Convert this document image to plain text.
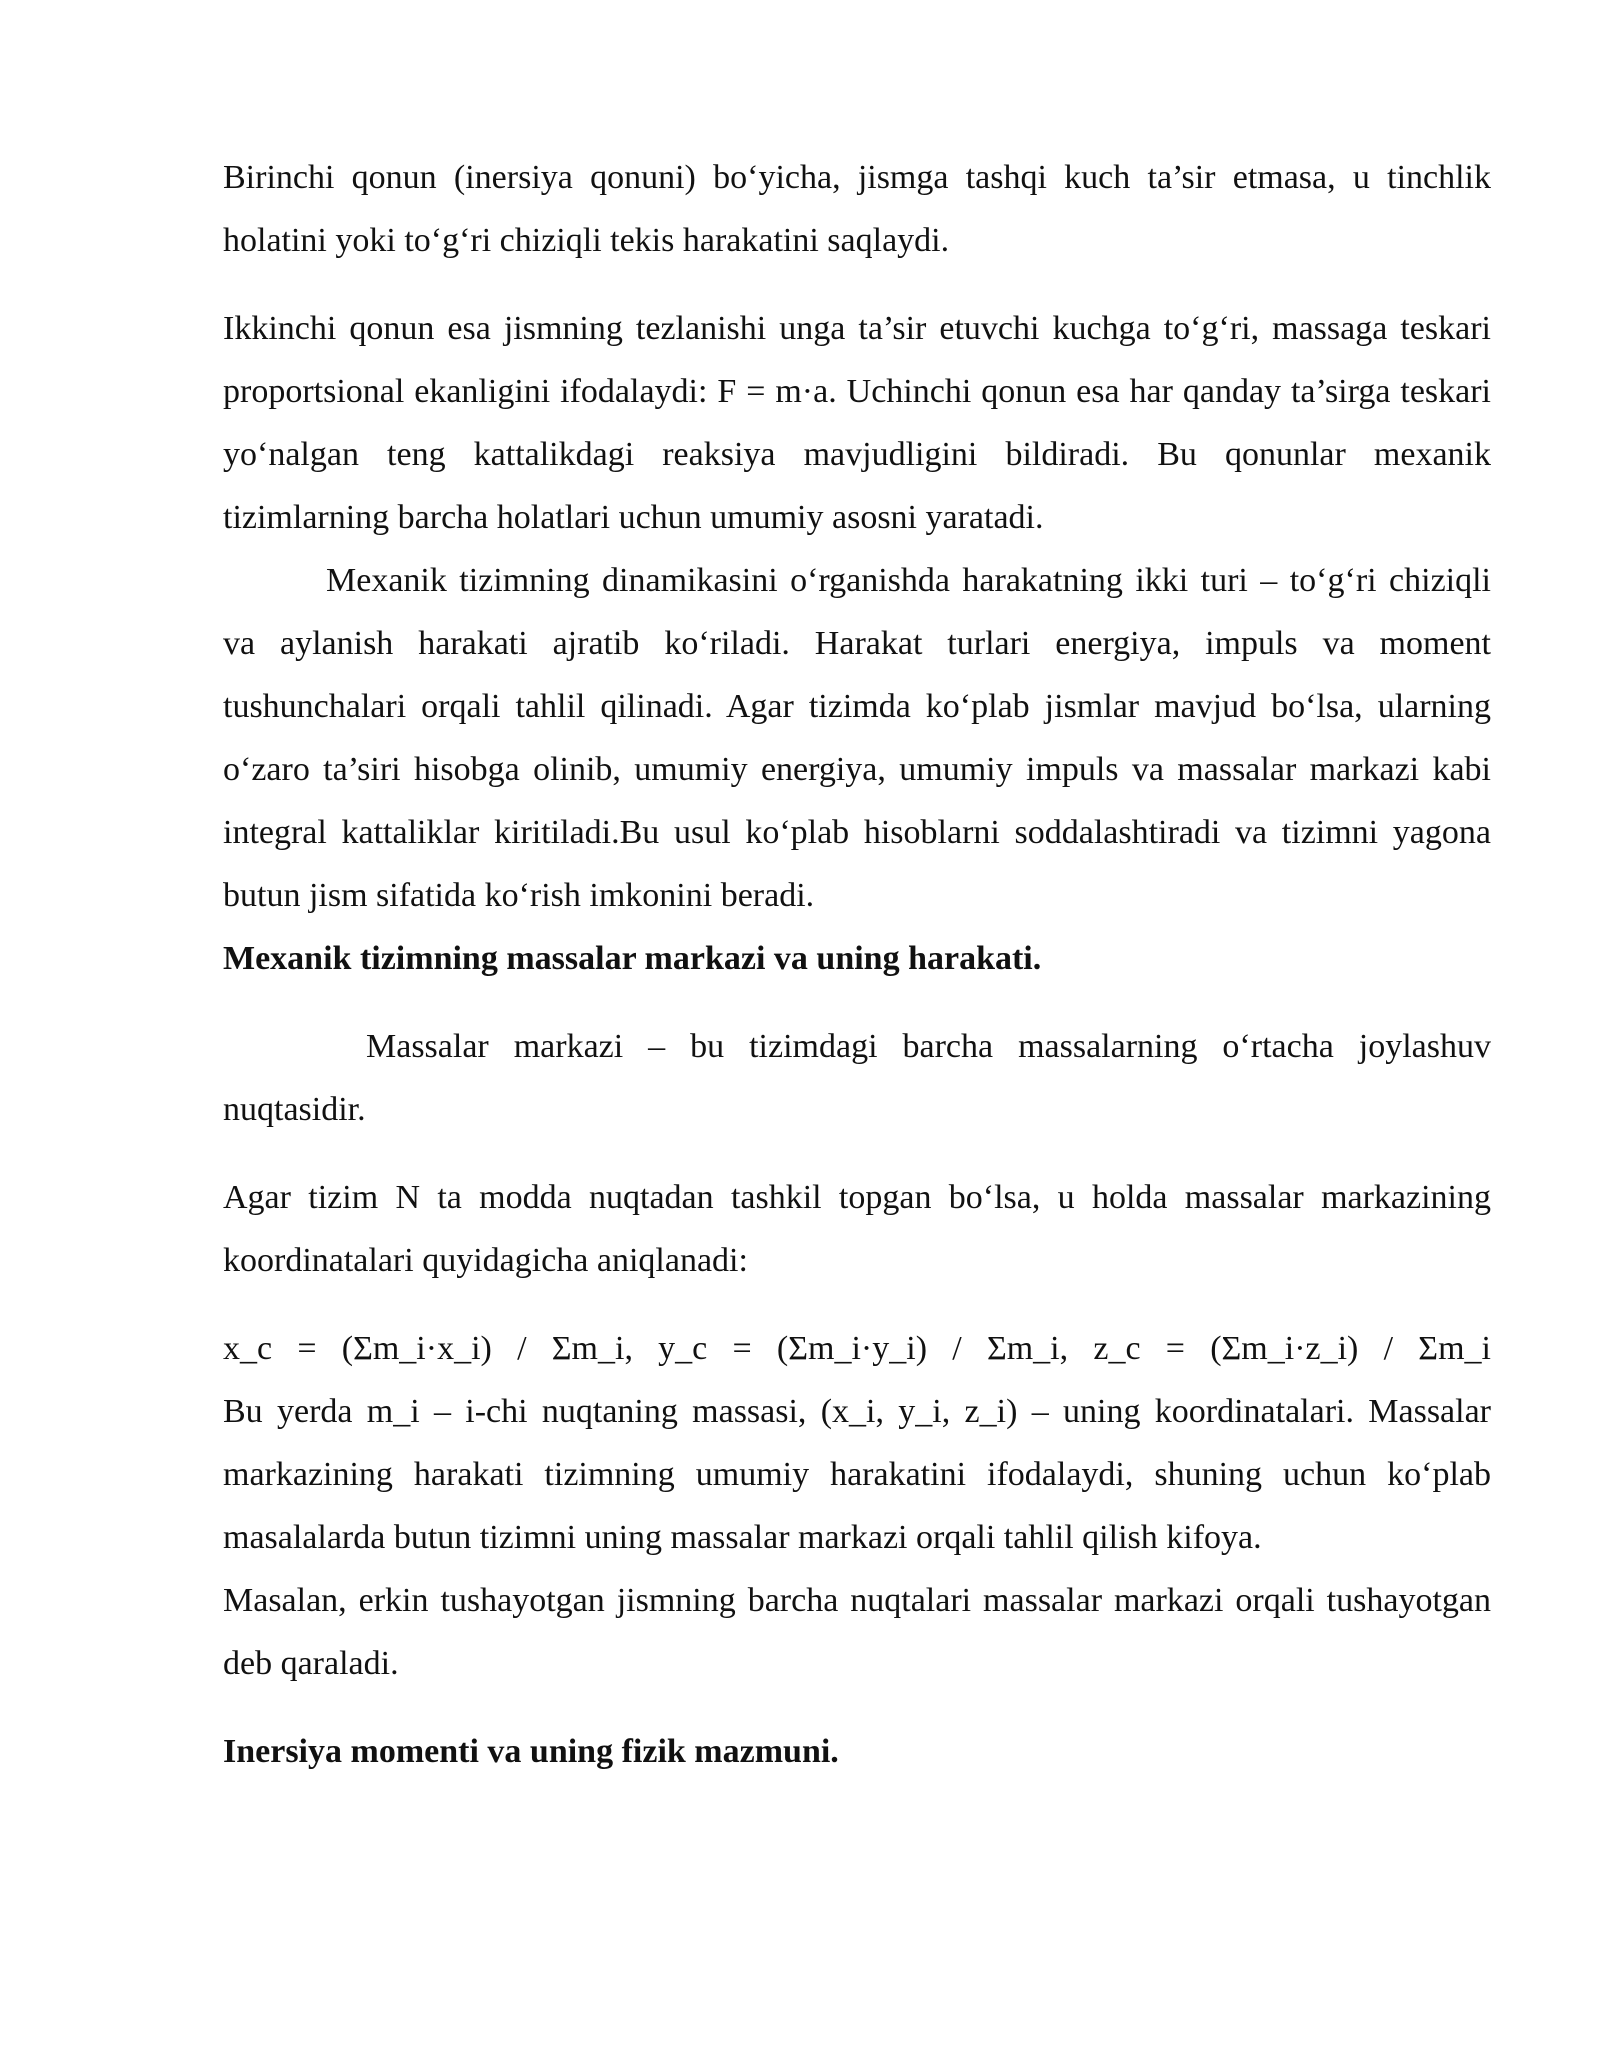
Birinchi qonun (inersiya qonuni) bo‘yicha, jismga tashqi kuch ta’sir etmasa, u tinchlik holatini yoki to‘g‘ri chiziqli tekis harakatini saqlaydi.

Ikkinchi qonun esa jismning tezlanishi unga ta’sir etuvchi kuchga to‘g‘ri, massaga teskari proportsional ekanligini ifodalaydi: F = m·a. Uchinchi qonun esa har qanday ta’sirga teskari yo‘nalgan teng kattalikdagi reaksiya mavjudligini bildiradi. Bu qonunlar mexanik tizimlarning barcha holatlari uchun umumiy asosni yaratadi.

Mexanik tizimning dinamikasini o‘rganishda harakatning ikki turi – to‘g‘ri chiziqli va aylanish harakati ajratib ko‘riladi. Harakat turlari energiya, impuls va moment tushunchalari orqali tahlil qilinadi. Agar tizimda ko‘plab jismlar mavjud bo‘lsa, ularning o‘zaro ta’siri hisobga olinib, umumiy energiya, umumiy impuls va massalar markazi kabi integral kattaliklar kiritiladi.Bu usul ko‘plab hisoblarni soddalashtiradi va tizimni yagona butun jism sifatida ko‘rish imkonini beradi.

Mexanik tizimning massalar markazi va uning harakati.

Massalar markazi – bu tizimdagi barcha massalarning o‘rtacha joylashuv nuqtasidir.

Agar tizim N ta modda nuqtadan tashkil topgan bo‘lsa, u holda massalar markazining koordinatalari quyidagicha aniqlanadi:

x_c = (Σm_i·x_i) / Σm_i, y_c = (Σm_i·y_i) / Σm_i, z_c = (Σm_i·z_i) / Σm_i

Bu yerda m_i – i-chi nuqtaning massasi, (x_i, y_i, z_i) – uning koordinatalari. Massalar markazining harakati tizimning umumiy harakatini ifodalaydi, shuning uchun ko‘plab masalalarda butun tizimni uning massalar markazi orqali tahlil qilish kifoya.

Masalan, erkin tushayotgan jismning barcha nuqtalari massalar markazi orqali tushayotgan deb qaraladi.

Inersiya momenti va uning fizik mazmuni.
